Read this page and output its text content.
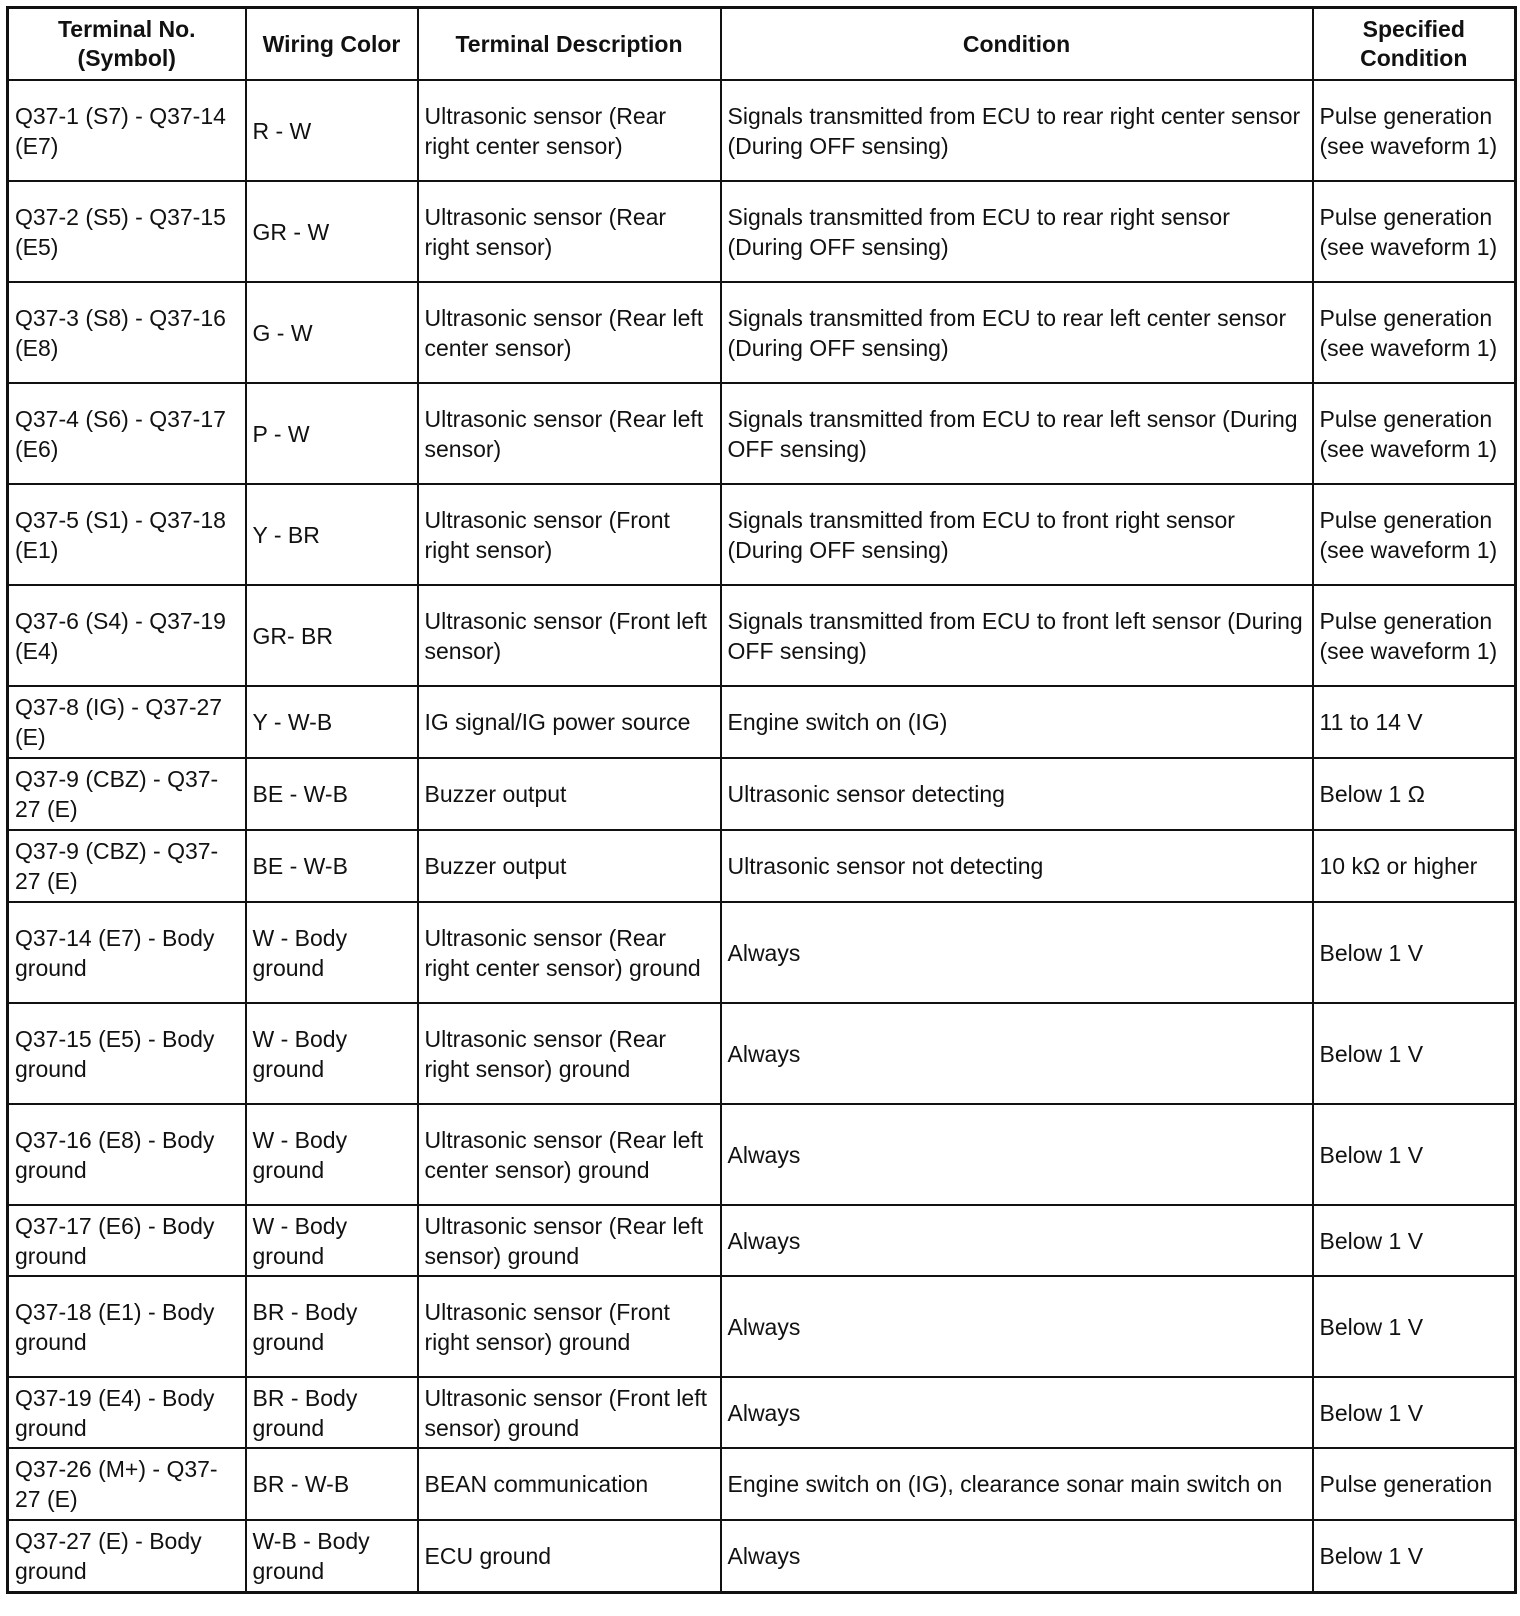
Terminal No. (Symbol)	Wiring Color	Terminal Description	Condition	Specified Condition
Q37-1 (S7) - Q37-14 (E7)	R - W	Ultrasonic sensor (Rear right center sensor)	Signals transmitted from ECU to rear right center sensor (During OFF sensing)	Pulse generation (see waveform 1)
Q37-2 (S5) - Q37-15 (E5)	GR - W	Ultrasonic sensor (Rear right sensor)	Signals transmitted from ECU to rear right sensor (During OFF sensing)	Pulse generation (see waveform 1)
Q37-3 (S8) - Q37-16 (E8)	G - W	Ultrasonic sensor (Rear left center sensor)	Signals transmitted from ECU to rear left center sensor (During OFF sensing)	Pulse generation (see waveform 1)
Q37-4 (S6) - Q37-17 (E6)	P - W	Ultrasonic sensor (Rear left sensor)	Signals transmitted from ECU to rear left sensor (During OFF sensing)	Pulse generation (see waveform 1)
Q37-5 (S1) - Q37-18 (E1)	Y - BR	Ultrasonic sensor (Front right sensor)	Signals transmitted from ECU to front right sensor (During OFF sensing)	Pulse generation (see waveform 1)
Q37-6 (S4) - Q37-19 (E4)	GR- BR	Ultrasonic sensor (Front left sensor)	Signals transmitted from ECU to front left sensor (During OFF sensing)	Pulse generation (see waveform 1)
Q37-8 (IG) - Q37-27 (E)	Y - W-B	IG signal/IG power source	Engine switch on (IG)	11 to 14 V
Q37-9 (CBZ) - Q37-27 (E)	BE - W-B	Buzzer output	Ultrasonic sensor detecting	Below 1 Ω
Q37-9 (CBZ) - Q37-27 (E)	BE - W-B	Buzzer output	Ultrasonic sensor not detecting	10 kΩ or higher
Q37-14 (E7) - Body ground	W - Body ground	Ultrasonic sensor (Rear right center sensor) ground	Always	Below 1 V
Q37-15 (E5) - Body ground	W - Body ground	Ultrasonic sensor (Rear right sensor) ground	Always	Below 1 V
Q37-16 (E8) - Body ground	W - Body ground	Ultrasonic sensor (Rear left center sensor) ground	Always	Below 1 V
Q37-17 (E6) - Body ground	W - Body ground	Ultrasonic sensor (Rear left sensor) ground	Always	Below 1 V
Q37-18 (E1) - Body ground	BR - Body ground	Ultrasonic sensor (Front right sensor) ground	Always	Below 1 V
Q37-19 (E4) - Body ground	BR - Body ground	Ultrasonic sensor (Front left sensor) ground	Always	Below 1 V
Q37-26 (M+) - Q37-27 (E)	BR - W-B	BEAN communication	Engine switch on (IG), clearance sonar main switch on	Pulse generation
Q37-27 (E) - Body ground	W-B - Body ground	ECU ground	Always	Below 1 V
